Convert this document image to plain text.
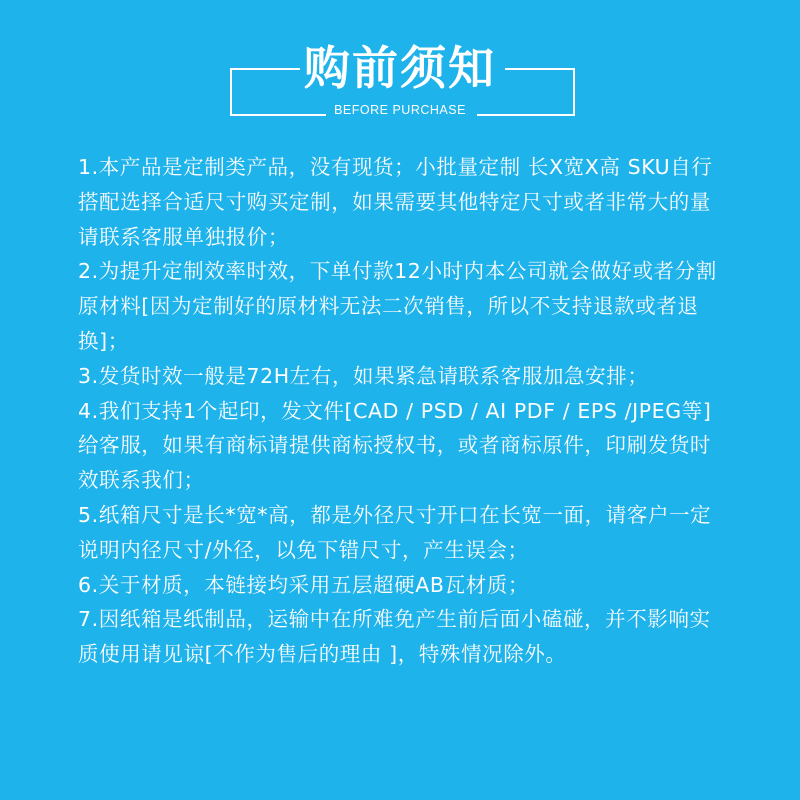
购前须知
BEFORE PURCHASE
1.本产品是定制类产品，没有现货；小批量定制 长X宽X高 SKU自行搭配选择合适尺寸购买定制，如果需要其他特定尺寸或者非常大的量请联系客服单独报价；
2.为提升定制效率时效，下单付款12小时内本公司就会做好或者分割原材料[因为定制好的原材料无法二次销售，所以不支持退款或者退换]；
3.发货时效一般是72H左右，如果紧急请联系客服加急安排；
4.我们支持1个起印，发文件[CAD / PSD / AI PDF / EPS /JPEG等]给客服，如果有商标请提供商标授权书，或者商标原件，印刷发货时效联系我们；
5.纸箱尺寸是长*宽*高，都是外径尺寸开口在长宽一面，请客户一定说明内径尺寸/外径，以免下错尺寸，产生误会；
6.关于材质，本链接均采用五层超硬AB瓦材质；
7.因纸箱是纸制品，运输中在所难免产生前后面小磕碰，并不影响实质使用请见谅[不作为售后的理由 ]，特殊情况除外。
